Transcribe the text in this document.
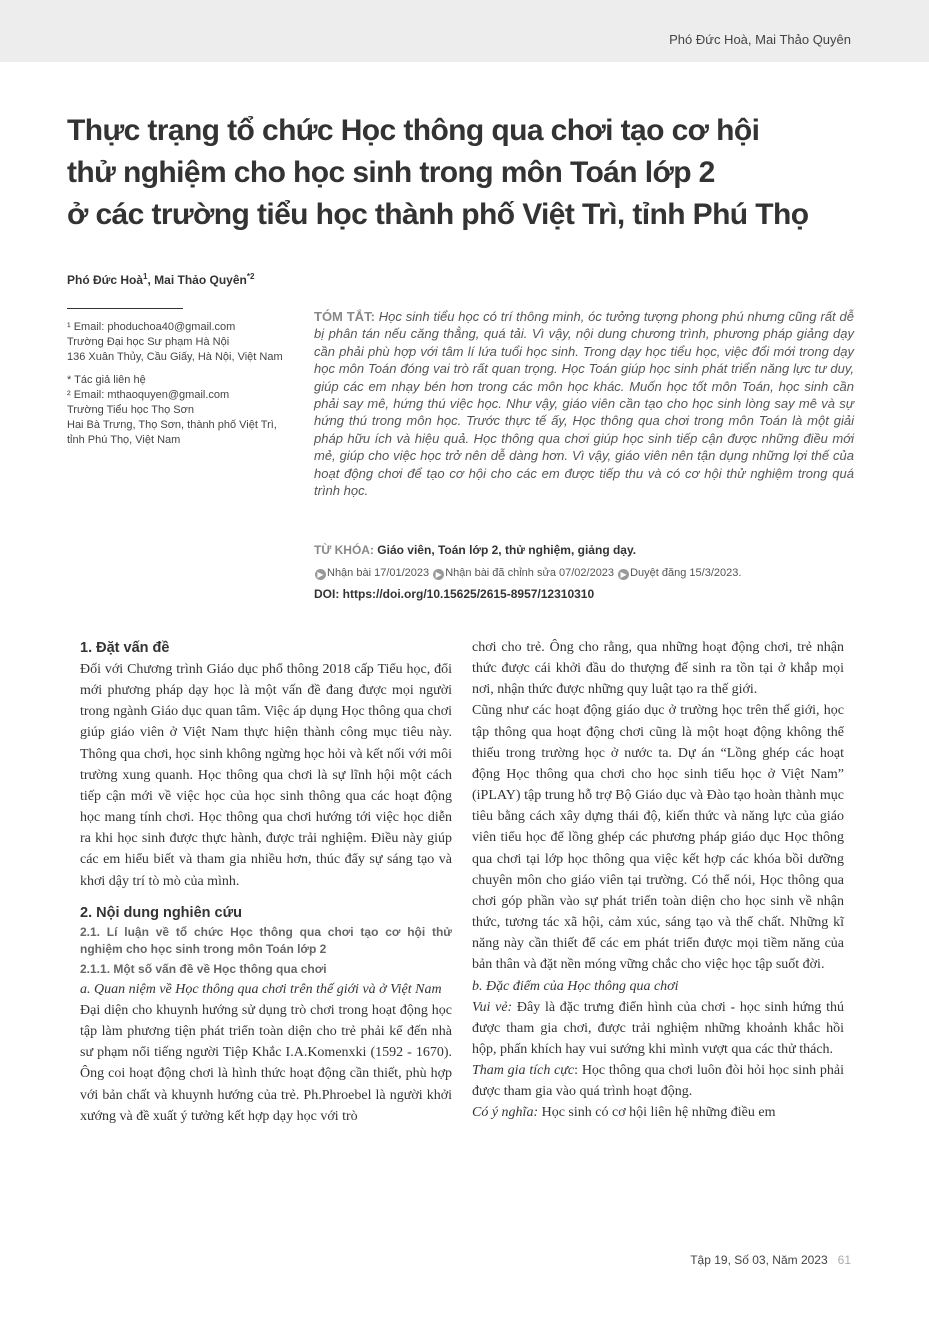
Phó Đức Hoà, Mai Thảo Quyên
Thực trạng tổ chức Học thông qua chơi tạo cơ hội
thử nghiệm cho học sinh trong môn Toán lớp 2
ở các trường tiểu học thành phố Việt Trì, tỉnh Phú Thọ
Phó Đức Hoà$^1$, Mai Thảo Quyên$^{*2}$
¹ Email: phoduchoa40@gmail.com
Trường Đại học Sư phạm Hà Nội
136 Xuân Thủy, Cầu Giấy, Hà Nội, Việt Nam
* Tác giả liên hệ
² Email: mthaoquyen@gmail.com
Trường Tiểu học Thọ Sơn
Hai Bà Trưng, Thọ Sơn, thành phố Việt Trì,
tỉnh Phú Thọ, Việt Nam

TÓM TẮT: Học sinh tiểu học có trí thông minh, óc tưởng tượng phong phú nhưng cũng rất dễ bị phân tán nếu căng thẳng, quá tải. Vì vậy, nội dung chương trình, phương pháp giảng dạy cần phải phù hợp với tâm lí lứa tuổi học sinh. Trong dạy học tiểu học, việc đổi mới trong dạy học môn Toán đóng vai trò rất quan trọng. Học Toán giúp học sinh phát triển năng lực tư duy, giúp các em nhạy bén hơn trong các môn học khác. Muốn học tốt môn Toán, học sinh cần phải say mê, hứng thú việc học. Như vậy, giáo viên cần tạo cho học sinh lòng say mê và sự hứng thú trong môn học. Trước thực tế ấy, Học thông qua chơi trong môn Toán là một giải pháp hữu ích và hiệu quả. Học thông qua chơi giúp học sinh tiếp cận được những điều mới mẻ, giúp cho việc học trở nên dễ dàng hơn. Vì vậy, giáo viên nên tận dụng những lợi thế của hoạt động chơi để tạo cơ hội cho các em được tiếp thu và có cơ hội thử nghiệm trong quá trình học.

TỪ KHÓA: Giáo viên, Toán lớp 2, thử nghiệm, giảng dạy.
▶ Nhận bài 17/01/2023 ▶ Nhận bài đã chỉnh sửa 07/02/2023 ▶ Duyệt đăng 15/3/2023.
DOI: https://doi.org/10.15625/2615-8957/12310310
1. Đặt vấn đề

Đối với Chương trình Giáo dục phổ thông 2018 cấp Tiểu học, đổi mới phương pháp dạy học là một vấn đề đang được mọi người trong ngành Giáo dục quan tâm. Việc áp dụng Học thông qua chơi giúp giáo viên ở Việt Nam thực hiện thành công mục tiêu này. Thông qua chơi, học sinh không ngừng học hỏi và kết nối với môi trường xung quanh. Học thông qua chơi là sự lĩnh hội một cách tiếp cận mới về việc học của học sinh thông qua các hoạt động học mang tính chơi. Học thông qua chơi hướng tới việc học diễn ra khi học sinh được thực hành, được trải nghiệm. Điều này giúp các em hiểu biết và tham gia nhiều hơn, thúc đẩy sự sáng tạo và khơi dậy trí tò mò của mình.

2. Nội dung nghiên cứu

2.1. Lí luận về tổ chức Học thông qua chơi tạo cơ hội thử nghiệm cho học sinh trong môn Toán lớp 2

2.1.1. Một số vấn đề về Học thông qua chơi

a. Quan niệm về Học thông qua chơi trên thế giới và ở Việt Nam

Đại diện cho khuynh hướng sử dụng trò chơi trong hoạt động học tập làm phương tiện phát triển toàn diện cho trẻ phải kể đến nhà sư phạm nổi tiếng người Tiệp Khắc I.A.Komenxki (1592 - 1670). Ông coi hoạt động chơi là hình thức hoạt động cần thiết, phù hợp với bản chất và khuynh hướng của trẻ. Ph.Phroebel là người khởi xướng và đề xuất ý tưởng kết hợp dạy học với trò

chơi cho trẻ. Ông cho rằng, qua những hoạt động chơi, trẻ nhận thức được cái khởi đầu do thượng đế sinh ra tồn tại ở khắp mọi nơi, nhận thức được những quy luật tạo ra thế giới.

Cũng như các hoạt động giáo dục ở trường học trên thế giới, học tập thông qua hoạt động chơi cũng là một hoạt động không thể thiếu trong trường học ở nước ta. Dự án “Lồng ghép các hoạt động Học thông qua chơi cho học sinh tiểu học ở Việt Nam” (iPLAY) tập trung hỗ trợ Bộ Giáo dục và Đào tạo hoàn thành mục tiêu bằng cách xây dựng thái độ, kiến thức và năng lực của giáo viên tiểu học để lồng ghép các phương pháp giáo dục Học thông qua chơi tại lớp học thông qua việc kết hợp các khóa bồi dưỡng chuyên môn cho giáo viên tại trường. Có thể nói, Học thông qua chơi góp phần vào sự phát triển toàn diện cho học sinh về nhận thức, tương tác xã hội, cảm xúc, sáng tạo và thể chất. Những kĩ năng này cần thiết để các em phát triển được mọi tiềm năng của bản thân và đặt nền móng vững chắc cho việc học tập suốt đời.

b. Đặc điểm của Học thông qua chơi

Vui vẻ: Đây là đặc trưng điển hình của chơi - học sinh hứng thú được tham gia chơi, được trải nghiệm những khoảnh khắc hồi hộp, phấn khích hay vui sướng khi mình vượt qua các thử thách.

Tham gia tích cực: Học thông qua chơi luôn đòi hỏi học sinh phải được tham gia vào quá trình hoạt động.

Có ý nghĩa: Học sinh có cơ hội liên hệ những điều em

Tập 19, Số 03, Năm 2023 61
